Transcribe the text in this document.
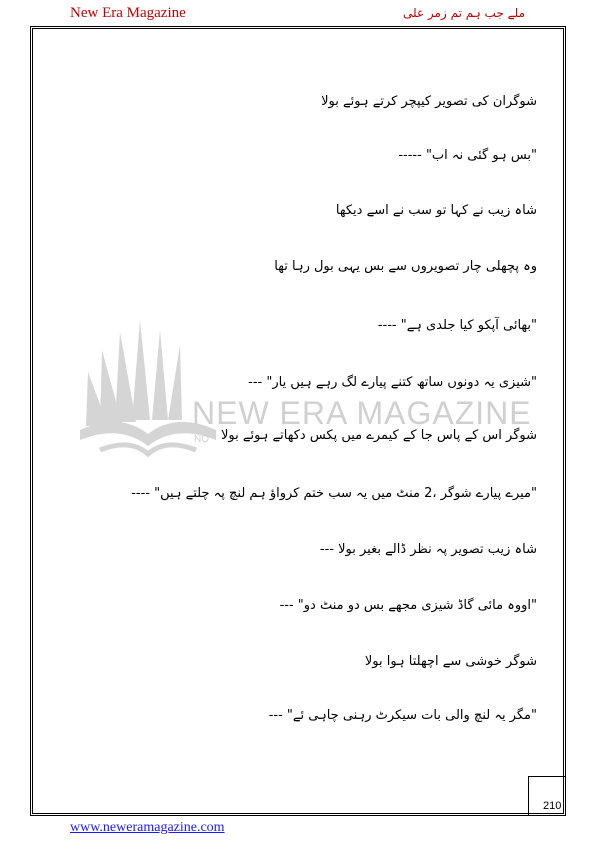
New Era Magazine	ملے جب ہم تم زمر علی
NEW ERA MAGAZINE
NO
شوگران کی تصویر کیپچر کرتے ہوئے بولا
"بس ہو گئی نہ اب" -----
شاہ زیب نے کہا تو سب نے اسے دیکھا
وہ پچھلی چار تصویروں سے بس یہی بول رہا تھا
"بھائی آپکو کیا جلدی ہے" ----
"شیزی یہ دونوں ساتھ کتنے پیارے لگ رہے ہیں یار" ---
شوگر اس کے پاس جا کے کیمرے میں پکس دکھاتے ہوئے بولا
"میرے پیارے شوگر ،2 منٹ میں یہ سب ختم کرواؤ ہم لنچ پہ چلتے ہیں" ----
شاہ زیب تصویر پہ نظر ڈالے بغیر بولا ---
"اووہ مائی گاڈ شیزی مجھے بس دو منٹ دو" ---
شوگر خوشی سے اچھلتا ہوا بولا
"مگر یہ لنچ والی بات سیکرٹ رہنی چاہی ئے" ---
210
www.neweramagazine.com
